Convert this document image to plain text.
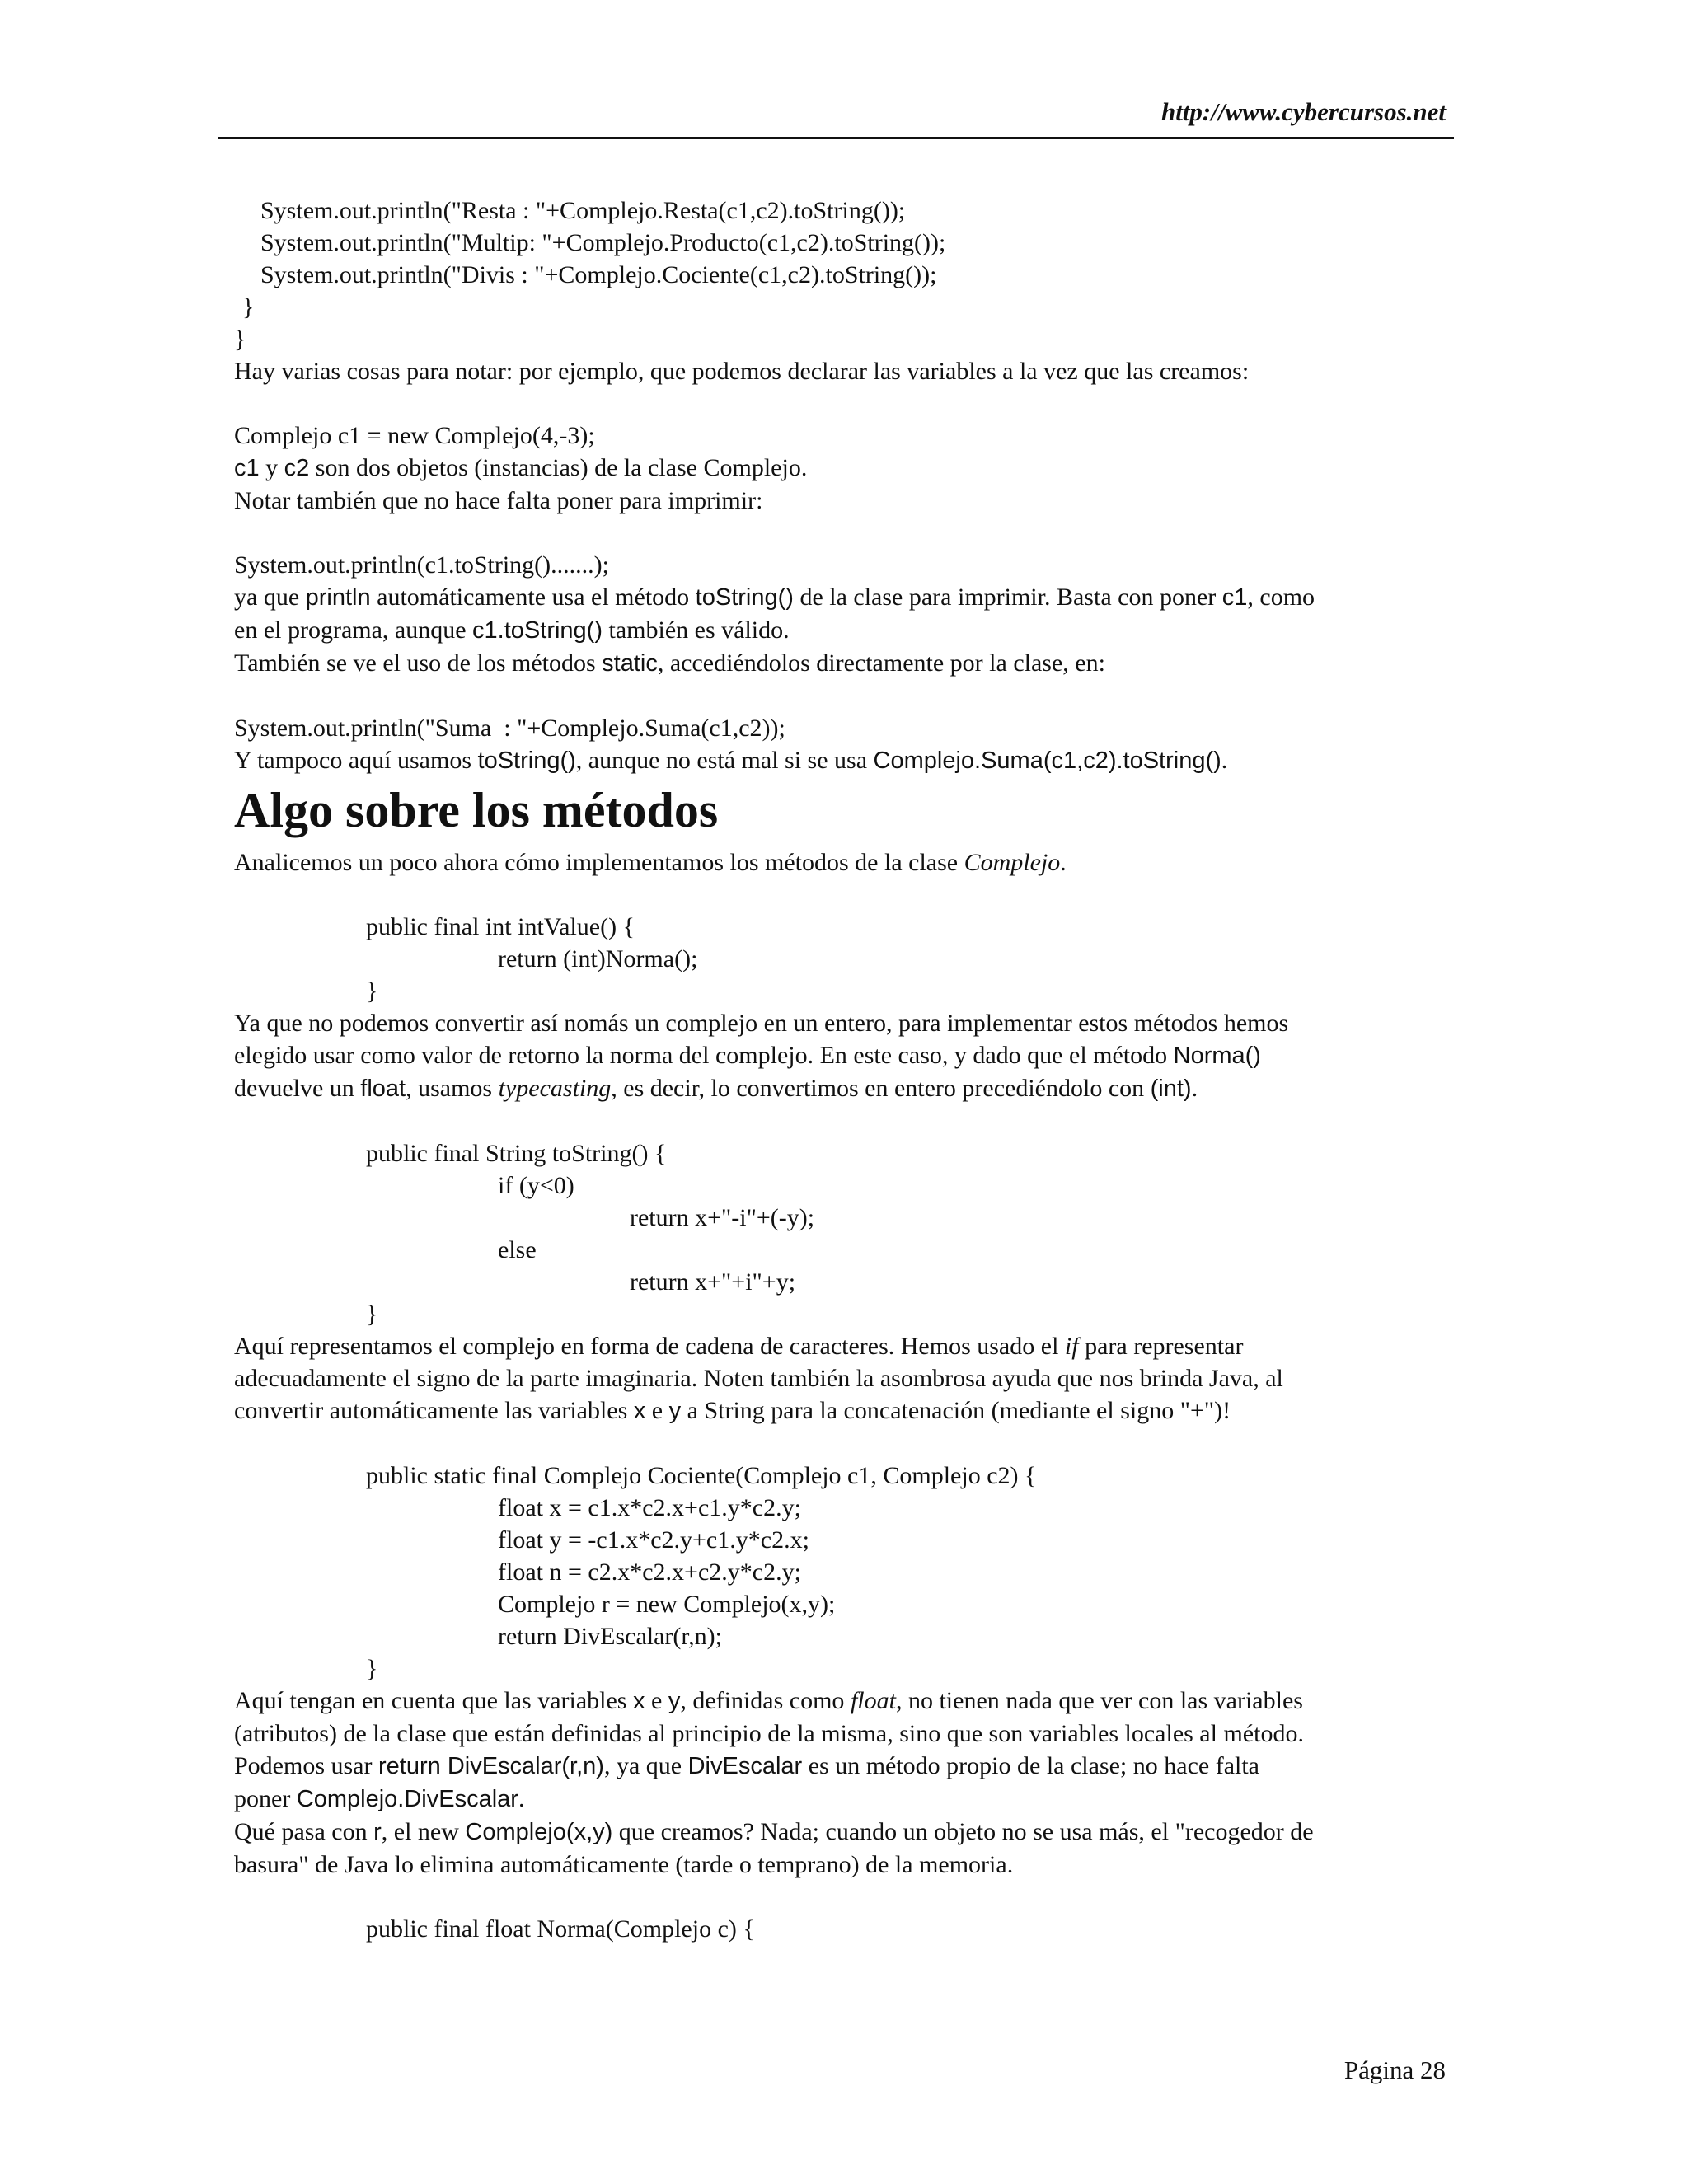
http://www.cybercursos.net

System.out.println("Resta : "+Complejo.Resta(c1,c2).toString());

System.out.println("Multip: "+Complejo.Producto(c1,c2).toString());

System.out.println("Divis : "+Complejo.Cociente(c1,c2).toString());

}

}

Hay varias cosas para notar: por ejemplo, que podemos declarar las variables a la vez que las creamos:

Complejo c1 = new Complejo(4,-3);

c1 y c2 son dos objetos (instancias) de la clase Complejo.

Notar también que no hace falta poner para imprimir:

System.out.println(c1.toString().......);

ya que println automáticamente usa el método toString() de la clase para imprimir. Basta con poner c1, como

en el programa, aunque c1.toString() también es válido.

También se ve el uso de los métodos static, accediéndolos directamente por la clase, en:

System.out.println("Suma  : "+Complejo.Suma(c1,c2));

Y tampoco aquí usamos toString(), aunque no está mal si se usa Complejo.Suma(c1,c2).toString().

Algo sobre los métodos

Analicemos un poco ahora cómo implementamos los métodos de la clase Complejo.

public final int intValue() {

return (int)Norma();

}

Ya que no podemos convertir así nomás un complejo en un entero, para implementar estos métodos hemos

elegido usar como valor de retorno la norma del complejo. En este caso, y dado que el método Norma()

devuelve un float, usamos typecasting, es decir, lo convertimos en entero precediéndolo con (int).

public final String toString() {

if (y<0)

return x+"-i"+(-y);

else

return x+"+i"+y;

}

Aquí representamos el complejo en forma de cadena de caracteres. Hemos usado el if para representar

adecuadamente el signo de la parte imaginaria. Noten también la asombrosa ayuda que nos brinda Java, al

convertir automáticamente las variables x e y a String para la concatenación (mediante el signo "+")!

public static final Complejo Cociente(Complejo c1, Complejo c2) {

float x = c1.x*c2.x+c1.y*c2.y;

float y = -c1.x*c2.y+c1.y*c2.x;

float n = c2.x*c2.x+c2.y*c2.y;

Complejo r = new Complejo(x,y);

return DivEscalar(r,n);

}

Aquí tengan en cuenta que las variables x e y, definidas como float, no tienen nada que ver con las variables

(atributos) de la clase que están definidas al principio de la misma, sino que son variables locales al método.

Podemos usar return DivEscalar(r,n), ya que DivEscalar es un método propio de la clase; no hace falta

poner Complejo.DivEscalar.

Qué pasa con r, el new Complejo(x,y) que creamos? Nada; cuando un objeto no se usa más, el "recogedor de

basura" de Java lo elimina automáticamente (tarde o temprano) de la memoria.

public final float Norma(Complejo c) {

Página 28
